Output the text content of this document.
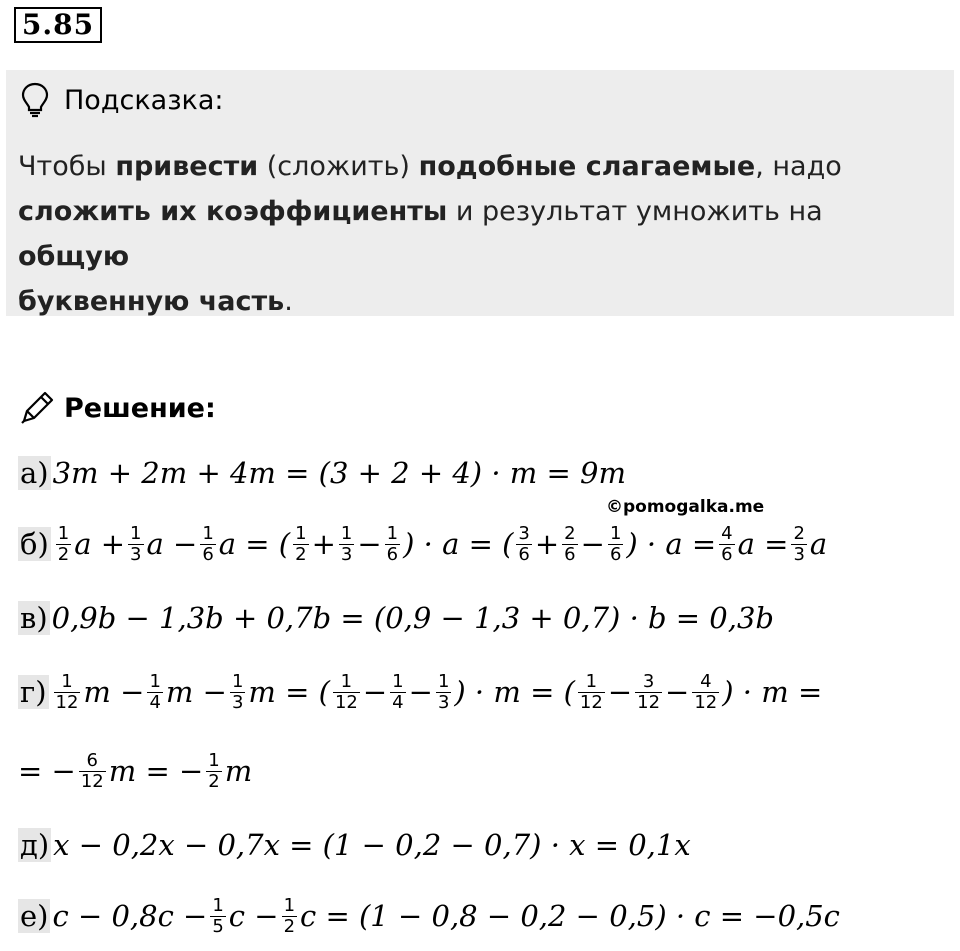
5.85
Подсказка:
Чтобы привести (сложить) подобные слагаемые, надо
сложить их коэффициенты и результат умножить на общую
буквенную часть.
Решение:
©pomogalka.me
а) 3m + 2m + 4m = (3 + 2 + 4) · m = 9m
$б) \frac{1}{2}$ $a + \frac{1}{3}$ $a - \frac{1}{6}$ a = ( $\frac{1}{2} + \frac{1}{3} - \frac{1}{6}$ ) · a = ( $\frac{3}{6} + \frac{2}{6} - \frac{1}{6}$ ) · $a = \frac{4}{6}$ $a = \frac{2}{3}$ a
в) 0,9b − 1,3b + 0,7b = (0,9 − 1,3 + 0,7) · b = 0,3b
$г) \frac{1}{12}$ $m - \frac{1}{4}$ $m - \frac{1}{3}$ m = ( $\frac{1}{12} - \frac{1}{4} - \frac{1}{3}$ ) · m = ( $\frac{1}{12} - \frac{3}{12} - \frac{4}{12}$ ) · m =
= − $\frac{6}{12}$ m = − $\frac{1}{2}$ m
д) x − 0,2x − 0,7x = (1 − 0,2 − 0,7) · x = 0,1x
е) $c - 0,8c - \frac{1}{5}$ $c - \frac{1}{2}$ c = (1 − 0,8 − 0,2 − 0,5) · c = −0,5c
